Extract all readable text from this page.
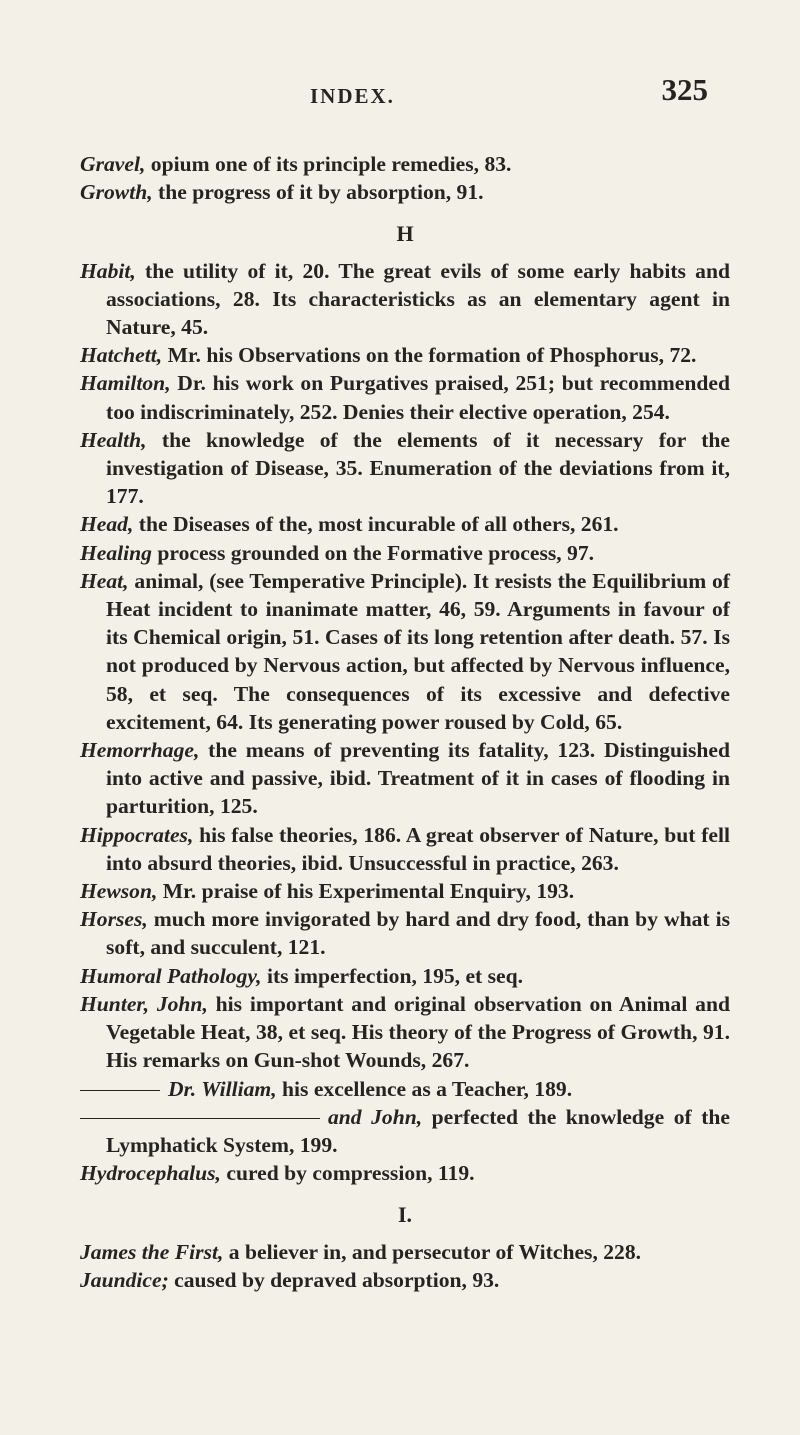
INDEX.	325
Gravel, opium one of its principle remedies, 83.
Growth, the progress of it by absorption, 91.
H
Habit, the utility of it, 20. The great evils of some early habits and associations, 28. Its characteristicks as an elementary agent in Nature, 45.
Hatchett, Mr. his Observations on the formation of Phosphorus, 72.
Hamilton, Dr. his work on Purgatives praised, 251; but recommended too indiscriminately, 252. Denies their elective operation, 254.
Health, the knowledge of the elements of it necessary for the investigation of Disease, 35. Enumeration of the deviations from it, 177.
Head, the Diseases of the, most incurable of all others, 261.
Healing process grounded on the Formative process, 97.
Heat, animal, (see Temperative Principle). It resists the Equilibrium of Heat incident to inanimate matter, 46, 59. Arguments in favour of its Chemical origin, 51. Cases of its long retention after death. 57. Is not produced by Nervous action, but affected by Nervous influence, 58, et seq. The consequences of its excessive and defective excitement, 64. Its generating power roused by Cold, 65.
Hemorrhage, the means of preventing its fatality, 123. Distinguished into active and passive, ibid. Treatment of it in cases of flooding in parturition, 125.
Hippocrates, his false theories, 186. A great observer of Nature, but fell into absurd theories, ibid. Unsuccessful in practice, 263.
Hewson, Mr. praise of his Experimental Enquiry, 193.
Horses, much more invigorated by hard and dry food, than by what is soft, and succulent, 121.
Humoral Pathology, its imperfection, 195, et seq.
Hunter, John, his important and original observation on Animal and Vegetable Heat, 38, et seq. His theory of the Progress of Growth, 91. His remarks on Gun-shot Wounds, 267.
Dr. William, his excellence as a Teacher, 189.
and John, perfected the knowledge of the Lymphatick System, 199.
Hydrocephalus, cured by compression, 119.
I.
James the First, a believer in, and persecutor of Witches, 228.
Jaundice; caused by depraved absorption, 93.
